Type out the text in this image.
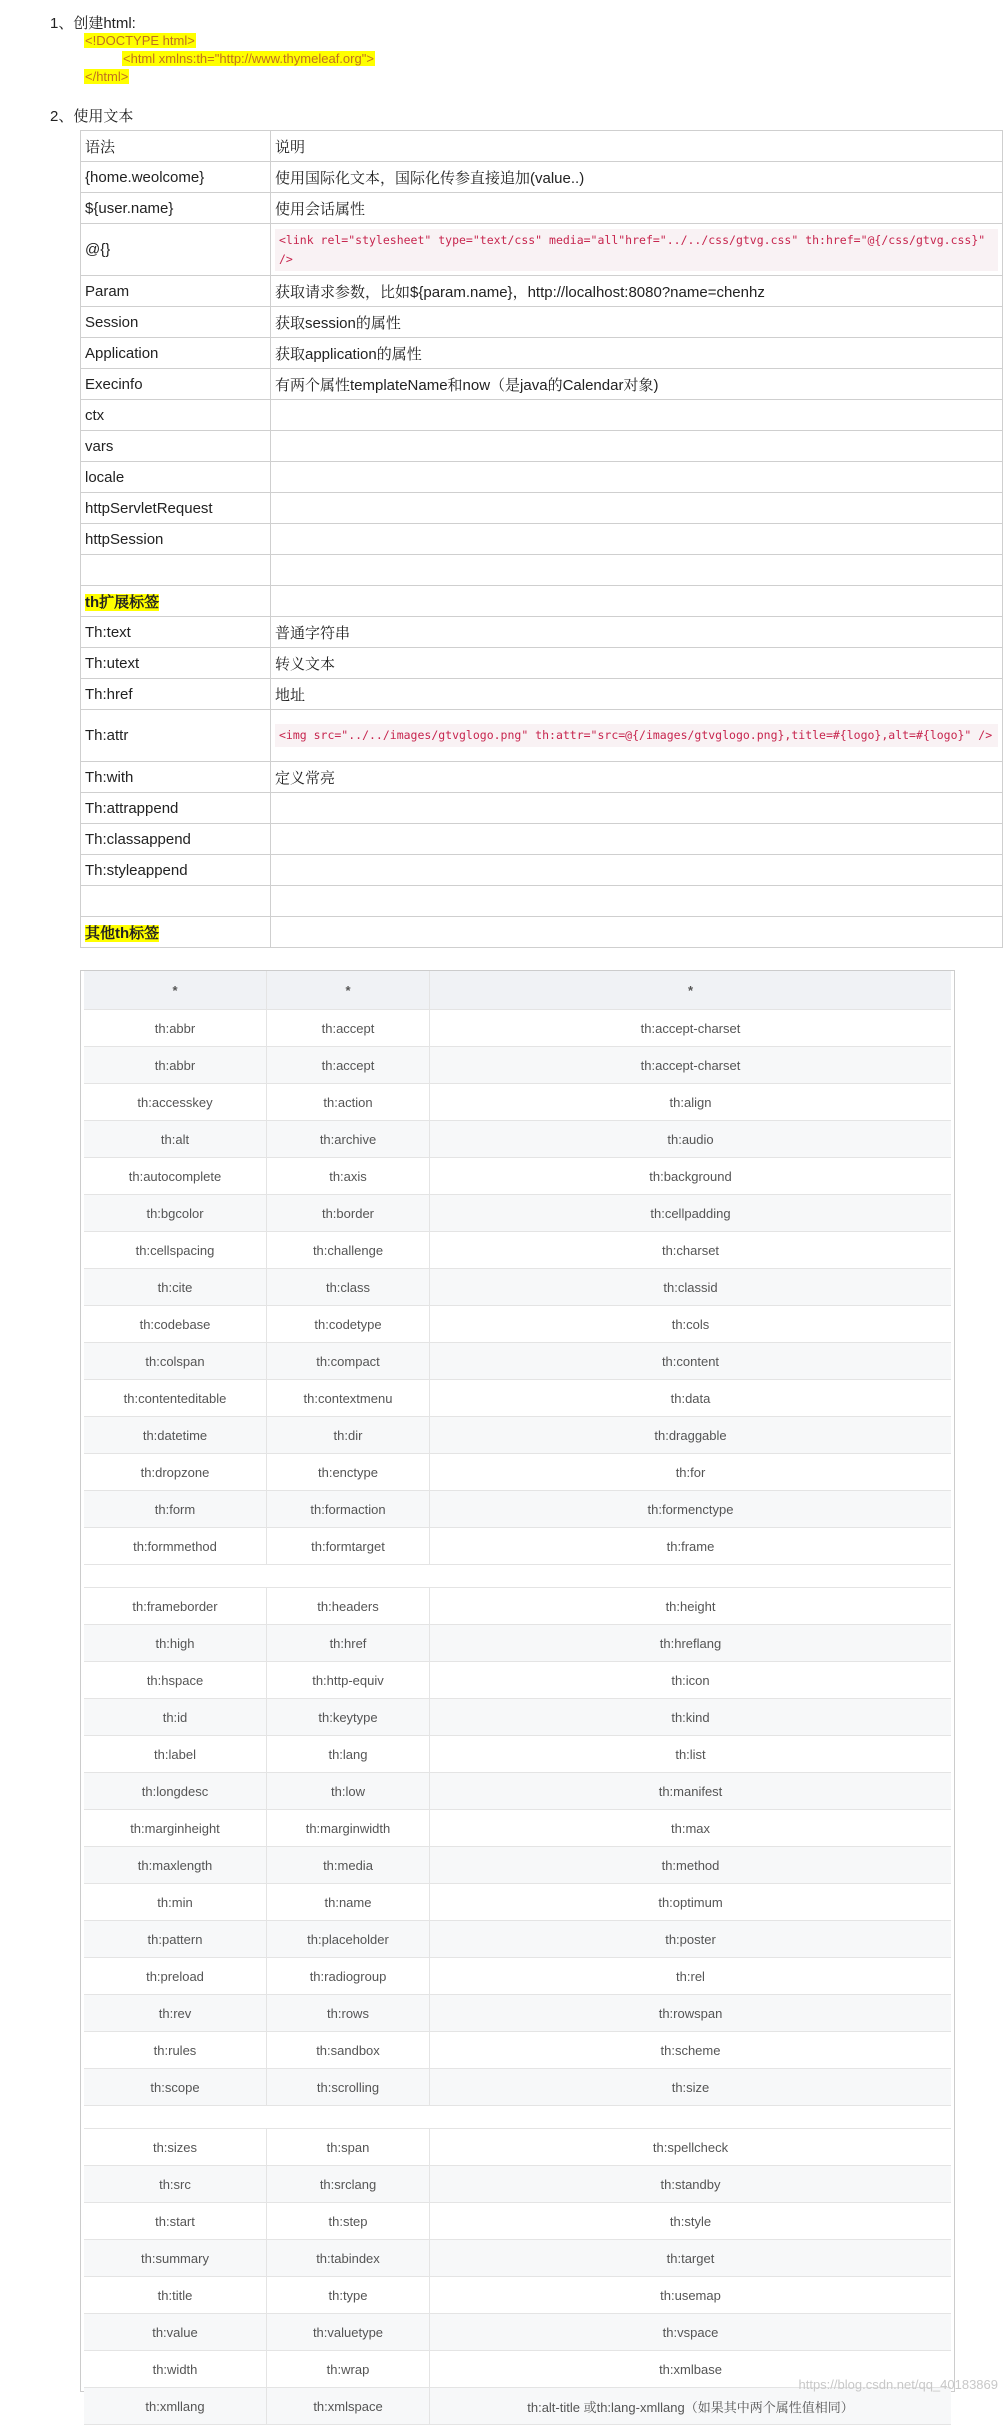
1、创建html:
<!DOCTYPE html>
<html xmlns:th="http://www.thymeleaf.org">
</html>
2、使用文本
语法	说明
{home.weolcome}	使用国际化文本，国际化传参直接追加(value..)
${user.name}	使用会话属性
@{}	<link rel="stylesheet" type="text/css" media="all"href="../../css/gtvg.css" th:href="@{/css/gtvg.css}" />

Param	获取请求参数，比如${param.name}，http://localhost:8080?name=chenhz
Session	获取session的属性
Application	获取application的属性
Execinfo	有两个属性templateName和now（是java的Calendar对象)
ctx	
vars	
locale	
httpServletRequest	
httpSession	

th扩展标签	
Th:text	普通字符串
Th:utext	转义文本
Th:href	地址
Th:attr	<img src="../../images/gtvglogo.png" th:attr="src=@{/images/gtvglogo.png},title=#{logo},alt=#{logo}" />

Th:with	定义常亮
Th:attrappend	
Th:classappend	
Th:styleappend	

其他th标签	
*	*	*
th:abbr	th:accept	th:accept-charset
th:abbr	th:accept	th:accept-charset
th:accesskey	th:action	th:align
th:alt	th:archive	th:audio
th:autocomplete	th:axis	th:background
th:bgcolor	th:border	th:cellpadding
th:cellspacing	th:challenge	th:charset
th:cite	th:class	th:classid
th:codebase	th:codetype	th:cols
th:colspan	th:compact	th:content
th:contenteditable	th:contextmenu	th:data
th:datetime	th:dir	th:draggable
th:dropzone	th:enctype	th:for
th:form	th:formaction	th:formenctype
th:formmethod	th:formtarget	th:frame

th:frameborder	th:headers	th:height
th:high	th:href	th:hreflang
th:hspace	th:http-equiv	th:icon
th:id	th:keytype	th:kind
th:label	th:lang	th:list
th:longdesc	th:low	th:manifest
th:marginheight	th:marginwidth	th:max
th:maxlength	th:media	th:method
th:min	th:name	th:optimum
th:pattern	th:placeholder	th:poster
th:preload	th:radiogroup	th:rel
th:rev	th:rows	th:rowspan
th:rules	th:sandbox	th:scheme
th:scope	th:scrolling	th:size

th:sizes	th:span	th:spellcheck
th:src	th:srclang	th:standby
th:start	th:step	th:style
th:summary	th:tabindex	th:target
th:title	th:type	th:usemap
th:value	th:valuetype	th:vspace
th:width	th:wrap	th:xmlbase
th:xmllang	th:xmlspace	th:alt-title 或th:lang-xmllang（如果其中两个属性值相同）
https://blog.csdn.net/qq_40183869
